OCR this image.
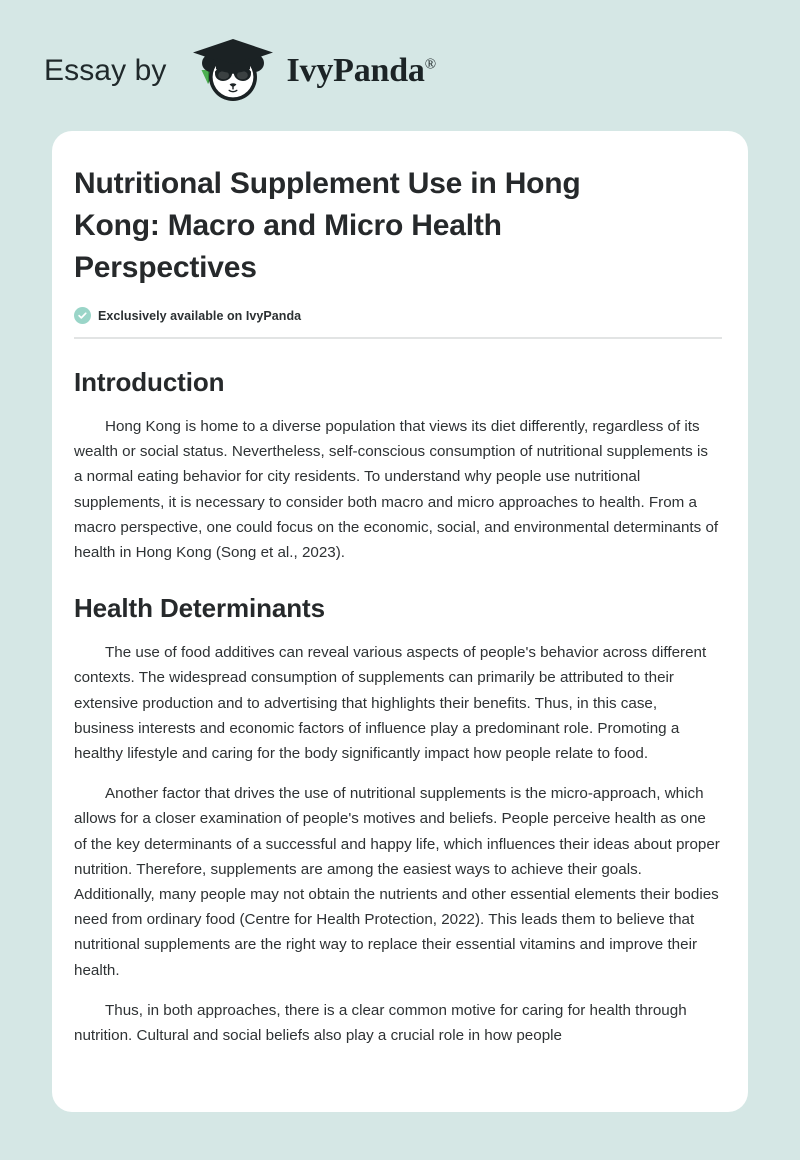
Essay by	IvyPanda®
Nutritional Supplement Use in Hong Kong: Macro and Micro Health Perspectives
Exclusively available on IvyPanda
Introduction

Hong Kong is home to a diverse population that views its diet differently, regardless of its wealth or social status. Nevertheless, self-conscious consumption of nutritional supplements is a normal eating behavior for city residents. To understand why people use nutritional supplements, it is necessary to consider both macro and micro approaches to health. From a macro perspective, one could focus on the economic, social, and environmental determinants of health in Hong Kong (Song et al., 2023).

Health Determinants

The use of food additives can reveal various aspects of people's behavior across different contexts. The widespread consumption of supplements can primarily be attributed to their extensive production and to advertising that highlights their benefits. Thus, in this case, business interests and economic factors of influence play a predominant role. Promoting a healthy lifestyle and caring for the body significantly impact how people relate to food.

Another factor that drives the use of nutritional supplements is the micro-approach, which allows for a closer examination of people's motives and beliefs. People perceive health as one of the key determinants of a successful and happy life, which influences their ideas about proper nutrition. Therefore, supplements are among the easiest ways to achieve their goals. Additionally, many people may not obtain the nutrients and other essential elements their bodies need from ordinary food (Centre for Health Protection, 2022). This leads them to believe that nutritional supplements are the right way to replace their essential vitamins and improve their health.

Thus, in both approaches, there is a clear common motive for caring for health through nutrition. Cultural and social beliefs also play a crucial role in how people
